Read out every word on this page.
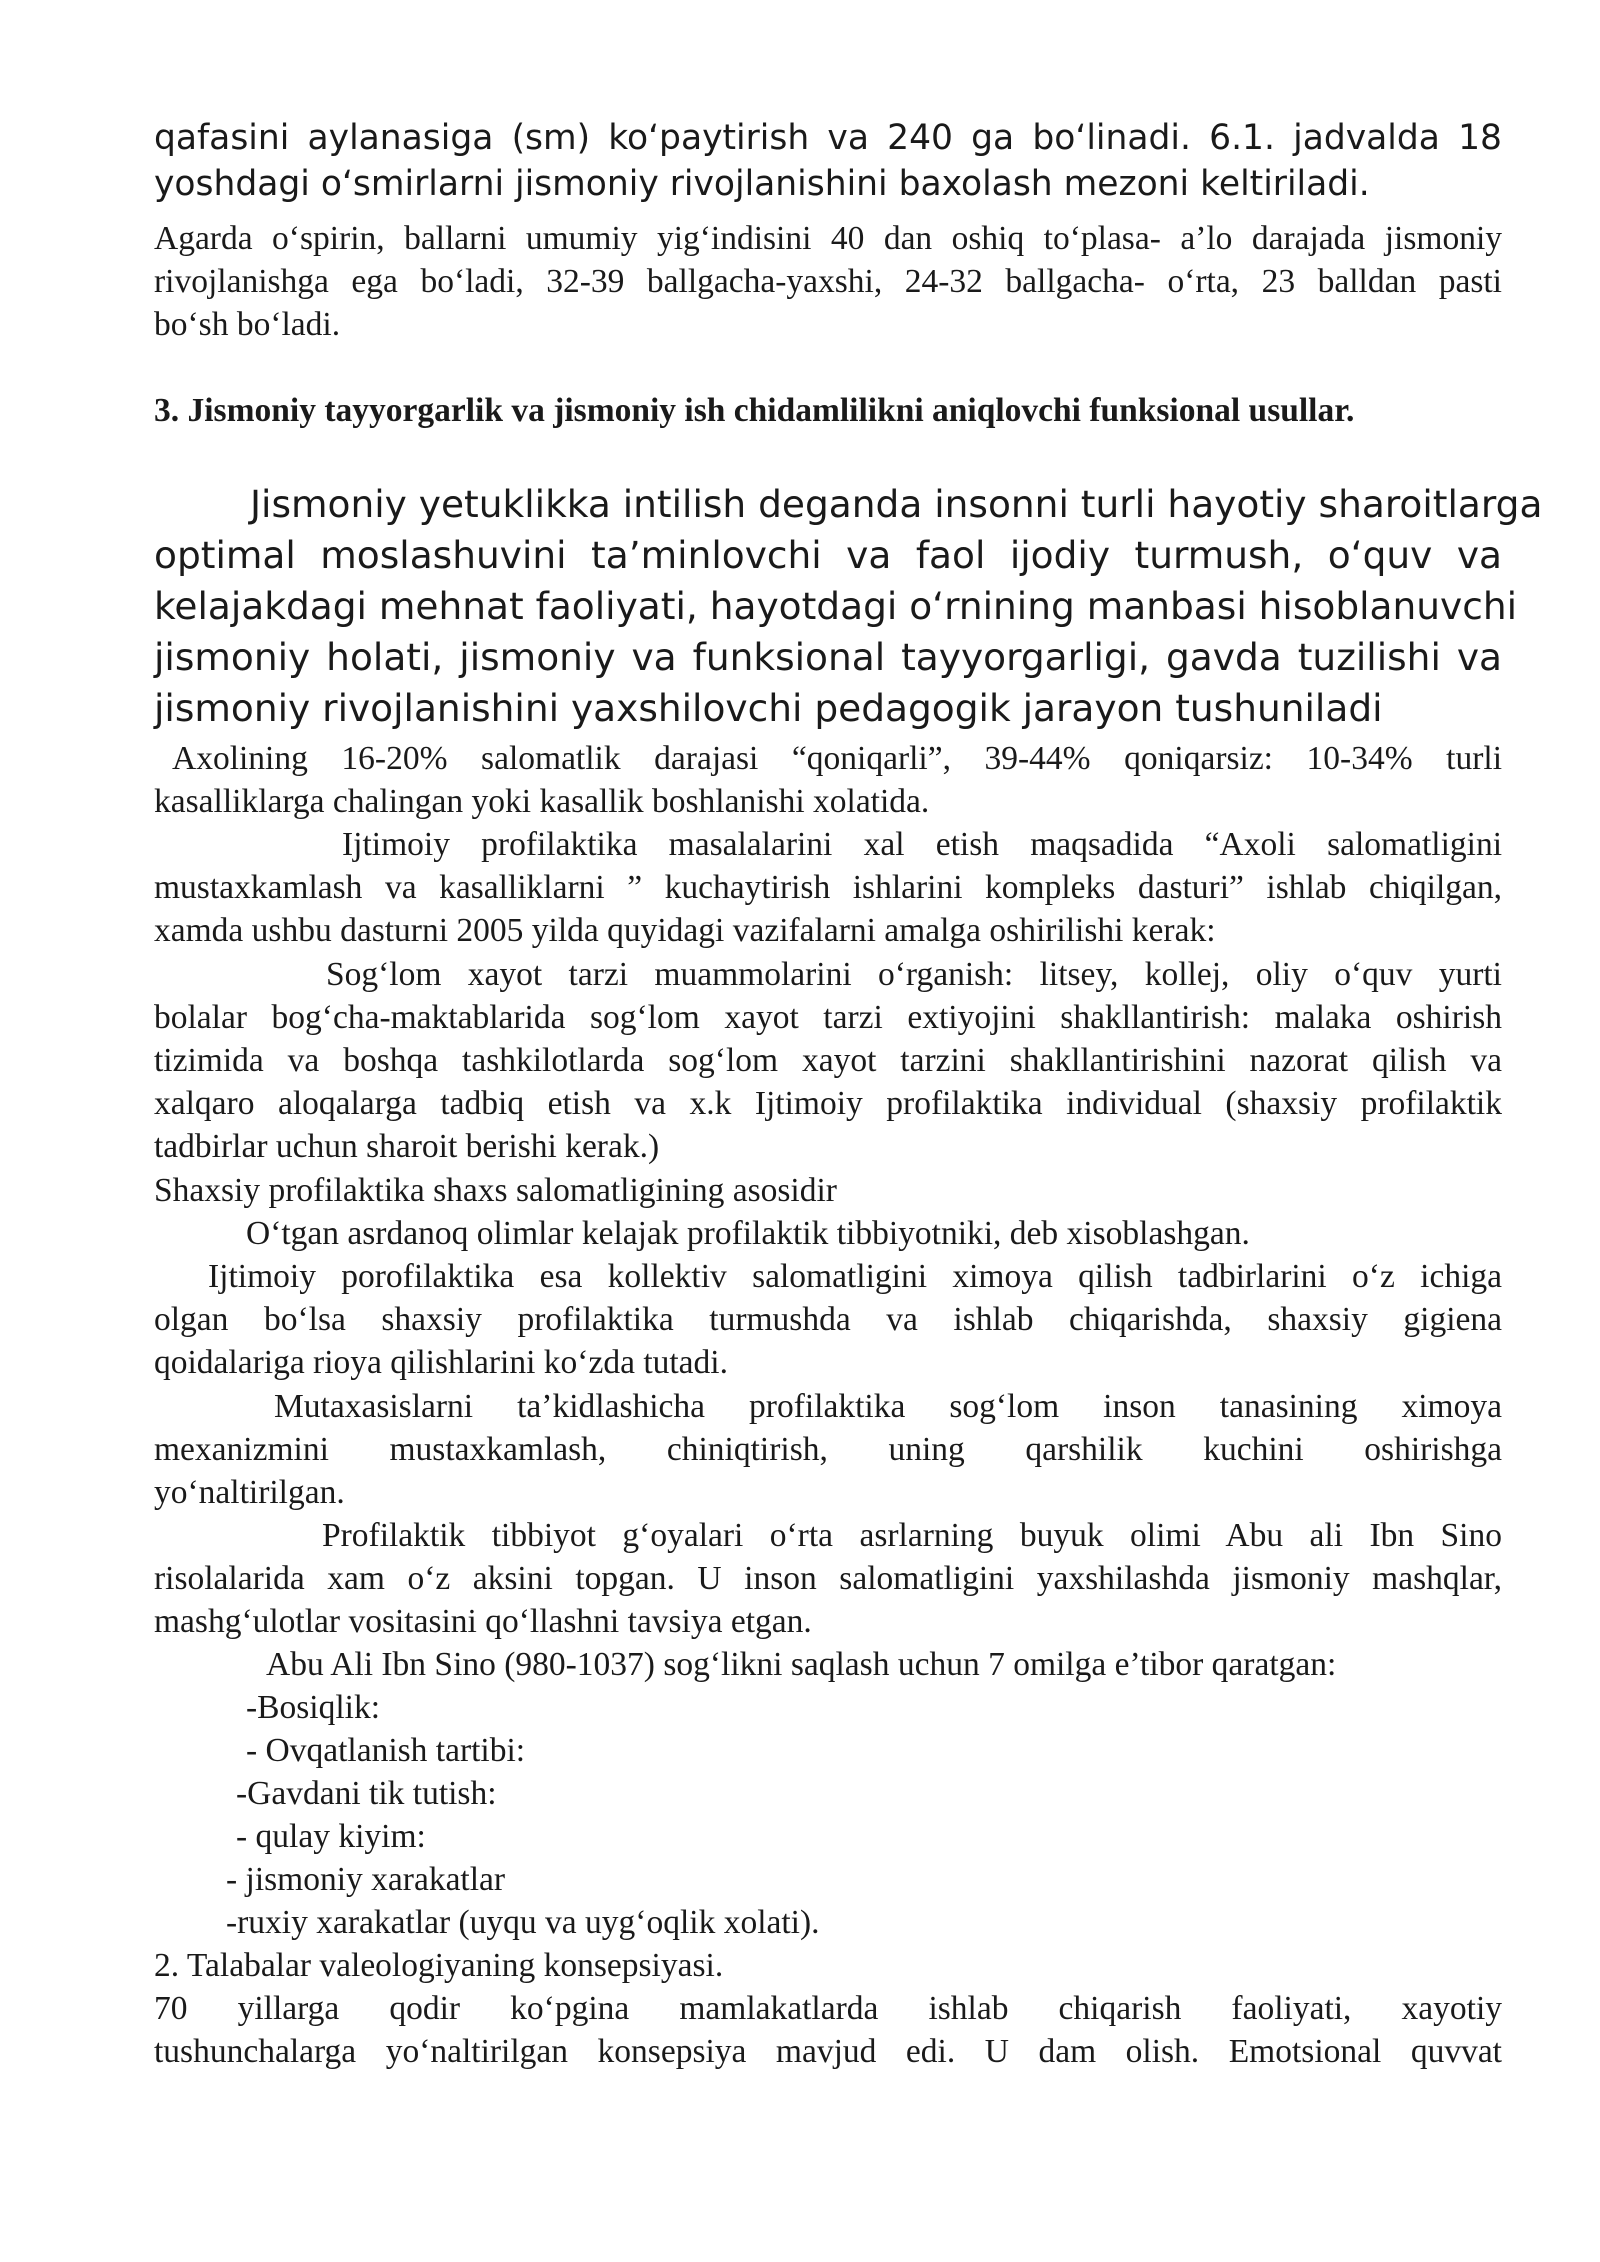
qafasini aylanasiga (sm) ko‘paytirish va 240 ga bo‘linadi. 6.1. jadvalda 18

yoshdagi o‘smirlarni jismoniy rivojlanishini baxolash mezoni keltiriladi.

Agarda o‘spirin, ballarni umumiy yig‘indisini 40 dan oshiq to‘plasa- a’lo darajada jismoniy

rivojlanishga ega bo‘ladi, 32-39 ballgacha-yaxshi, 24-32 ballgacha- o‘rta, 23 balldan pasti

bo‘sh bo‘ladi.

3. Jismoniy tayyorgarlik va jismoniy ish chidamlilikni aniqlovchi funksional usullar.

Jismoniy yetuklikka intilish deganda insonni turli hayotiy sharoitlarga

optimal moslashuvini ta’minlovchi va faol ijodiy turmush, o‘quv va

kelajakdagi mehnat faoliyati, hayotdagi o‘rnining manbasi hisoblanuvchi

jismoniy holati, jismoniy va funksional tayyorgarligi, gavda tuzilishi va

jismoniy rivojlanishini yaxshilovchi pedagogik jarayon tushuniladi

Axolining 16-20% salomatlik darajasi “qoniqarli”, 39-44% qoniqarsiz: 10-34% turli

kasalliklarga chalingan yoki kasallik boshlanishi xolatida.

Ijtimoiy profilaktika masalalarini xal etish maqsadida “Axoli salomatligini

mustaxkamlash va kasalliklarni ” kuchaytirish ishlarini kompleks dasturi” ishlab chiqilgan,

xamda ushbu dasturni 2005 yilda quyidagi vazifalarni amalga oshirilishi kerak:

Sog‘lom xayot tarzi muammolarini o‘rganish: litsey, kollej, oliy o‘quv yurti

bolalar bog‘cha-maktablarida sog‘lom xayot tarzi extiyojini shakllantirish: malaka oshirish

tizimida va boshqa tashkilotlarda sog‘lom xayot tarzini shakllantirishini nazorat qilish va

xalqaro aloqalarga tadbiq etish va x.k Ijtimoiy profilaktika individual (shaxsiy profilaktik

tadbirlar uchun sharoit berishi kerak.)

Shaxsiy profilaktika shaxs salomatligining asosidir

O‘tgan asrdanoq olimlar kelajak profilaktik tibbiyotniki, deb xisoblashgan.

Ijtimoiy porofilaktika esa kollektiv salomatligini ximoya qilish tadbirlarini o‘z ichiga

olgan bo‘lsa shaxsiy profilaktika turmushda va ishlab chiqarishda, shaxsiy gigiena

qoidalariga rioya qilishlarini ko‘zda tutadi.

Mutaxasislarni ta’kidlashicha profilaktika sog‘lom inson tanasining ximoya

mexanizmini mustaxkamlash, chiniqtirish, uning qarshilik kuchini oshirishga

yo‘naltirilgan.

Profilaktik tibbiyot g‘oyalari o‘rta asrlarning buyuk olimi Abu ali Ibn Sino

risolalarida xam o‘z aksini topgan. U inson salomatligini yaxshilashda jismoniy mashqlar,

mashg‘ulotlar vositasini qo‘llashni tavsiya etgan.

Abu Ali Ibn Sino (980-1037) sog‘likni saqlash uchun 7 omilga e’tibor qaratgan:

-Bosiqlik:

- Ovqatlanish tartibi:

-Gavdani tik tutish:

- qulay kiyim:

- jismoniy xarakatlar

-ruxiy xarakatlar (uyqu va uyg‘oqlik xolati).

2. Talabalar valeologiyaning konsepsiyasi.

70 yillarga qodir ko‘pgina mamlakatlarda ishlab chiqarish faoliyati, xayotiy

tushunchalarga yo‘naltirilgan konsepsiya mavjud edi. U dam olish. Emotsional quvvat
